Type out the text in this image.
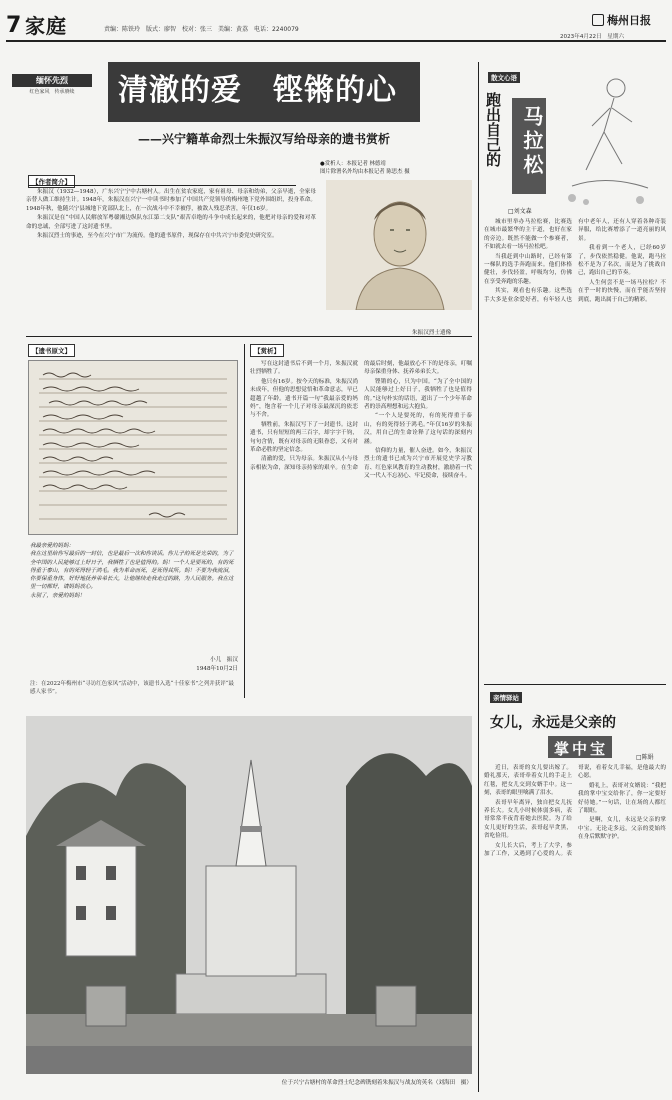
7 家庭	责编：陈铁玲　版式：廖智　校对：张三　美编：黄荔　电话：2240079
梅州日报
2023年4月22日　星期六
缅怀先烈
红色家风　传承赓续	清澈的爱　铿锵的心
——兴宁籍革命烈士朱振汉写给母亲的遗书赏析
【作者简介】

朱振汉（1932—1948），广东兴宁宁中古塘村人。出生在贫农家庭，家有祖母、母亲和幼弟，父亲早逝，全家母亲替人做工维持生计。1948年，朱振汉在兴宁一中读书时参加了中国共产党领导的梅州地下党外围组织，投身革命。1948年秋，他随兴宁县城地下党部队北上，在一次战斗中不幸被俘，被敌人残忍杀害，年仅16岁。

朱振汉是在“中国人民解放军粤赣湘边纵队东江第二支队”艰苦卓绝的斗争中成长起来的，他把对母亲的爱和对革命的忠诚，全部写进了这封遗书里。

朱振汉烈士的事迹，至今在兴宁市广为流传。他的遗书原件，现保存在中共兴宁市委党史研究室。

●赏析人：本报记者 林德靖
图片除署名外均由本报记者 陈思杰 摄
朱振汉烈士遗像
【遗书原文】
我最亲爱的妈妈：
我在这里给你写最后的一封信，也是最后一次和你谈话。你儿子的死是光荣的，为了全中国的人民能够过上好日子，我牺牲了也是值得的。妈！一个人是要死的，有的死得重于泰山，有的死得轻于鸿毛。我为革命而死，是死得其所。妈！不要为我流泪，你要保重身体，好好地抚养弟弟长大，让他继续走我走过的路，为人民服务。我在这里一切都好，请妈妈放心。
永别了，亲爱的妈妈！
小儿　振汉
1948年10月2日
注：在2022年梅州市“寻访红色家风”活动中，该遗书入选“十佳家书”之列并获评“最感人家书”。
【赏析】

写在这封遗书后不到一个月，朱振汉就壮烈牺牲了。

他只有16岁。按今天的标准，朱振汉尚未成年，但他的思想觉悟和革命意志，早已超越了年龄。遗书开篇一句“我最亲爱的妈妈”，饱含着一个儿子对母亲最深沉的依恋与不舍。

牺牲前，朱振汉写下了一封遗书。这封遗书，只有短短的两三百字，却字字千钧，句句含情，既有对母亲的无限眷恋，又有对革命必胜的坚定信念。

清澈的爱，只为母亲。朱振汉从小与母亲相依为命，深知母亲持家的艰辛。在生命的最后时刻，他最放心不下的是母亲，叮嘱母亲保重身体、抚养弟弟长大。

铿锵的心，只为中国。“为了全中国的人民能够过上好日子，我牺牲了也是值得的。”这句朴实的话语，道出了一个少年革命者的崇高理想和远大抱负。

“一个人是要死的，有的死得重于泰山，有的死得轻于鸿毛。”年仅16岁的朱振汉，用自己的生命诠释了这句话的深刻内涵。

信仰的力量，催人奋进。如今，朱振汉烈士的遗书已成为兴宁市开展党史学习教育、红色家风教育的生动教材，激励着一代又一代人不忘初心、牢记使命，接续奋斗。

位于兴宁古塘村的革命烈士纪念碑镌刻着朱振汉与战友的英名（刘海田　摄）
散文心语
跑出自己的 马拉松
□刘文森

城市里举办马拉松赛，比赛选在城市最繁华的主干道，也好在家的旁边。既然不能做一个参赛者，不如就去看一场马拉松吧。

当我赶到中山路时，已经有第一梯队的选手奔跑而来。他们体格健壮，步伐轻盈，呼吸均匀，仿佛在享受奔跑的乐趣。

其实，观看也有乐趣。这些选手大多是业余爱好者，有年轻人也有中老年人，还有人穿着各种奇装异服，给比赛增添了一道亮丽的风景。

我看到一个老人，已经60岁了，步伐依然稳健。他说，跑马拉松不是为了名次，而是为了挑战自己，跑出自己的节奏。

人生何尝不是一场马拉松？不在乎一时的快慢，而在乎能否坚持到底，跑出属于自己的精彩。

亲情驿站
女儿，永远是父亲的
掌中宝	□陈娟

近日，表哥的女儿要出嫁了。婚礼那天，表哥牵着女儿的手走上红毯，把女儿交到女婿手中。这一刻，表哥的眼里噙满了泪水。

表哥早年离异，独自把女儿抚养长大。女儿小时候体弱多病，表哥常常半夜背着她去医院。为了给女儿更好的生活，表哥起早贪黑，省吃俭用。

女儿长大后，考上了大学，参加了工作，又遇到了心爱的人。表哥说，看着女儿幸福，是他最大的心愿。

婚礼上，表哥对女婿说：“我把我的掌中宝交给你了，你一定要好好待她。”一句话，让在场的人都红了眼眶。

是啊，女儿，永远是父亲的掌中宝。无论走多远，父亲的爱始终在身后默默守护。
